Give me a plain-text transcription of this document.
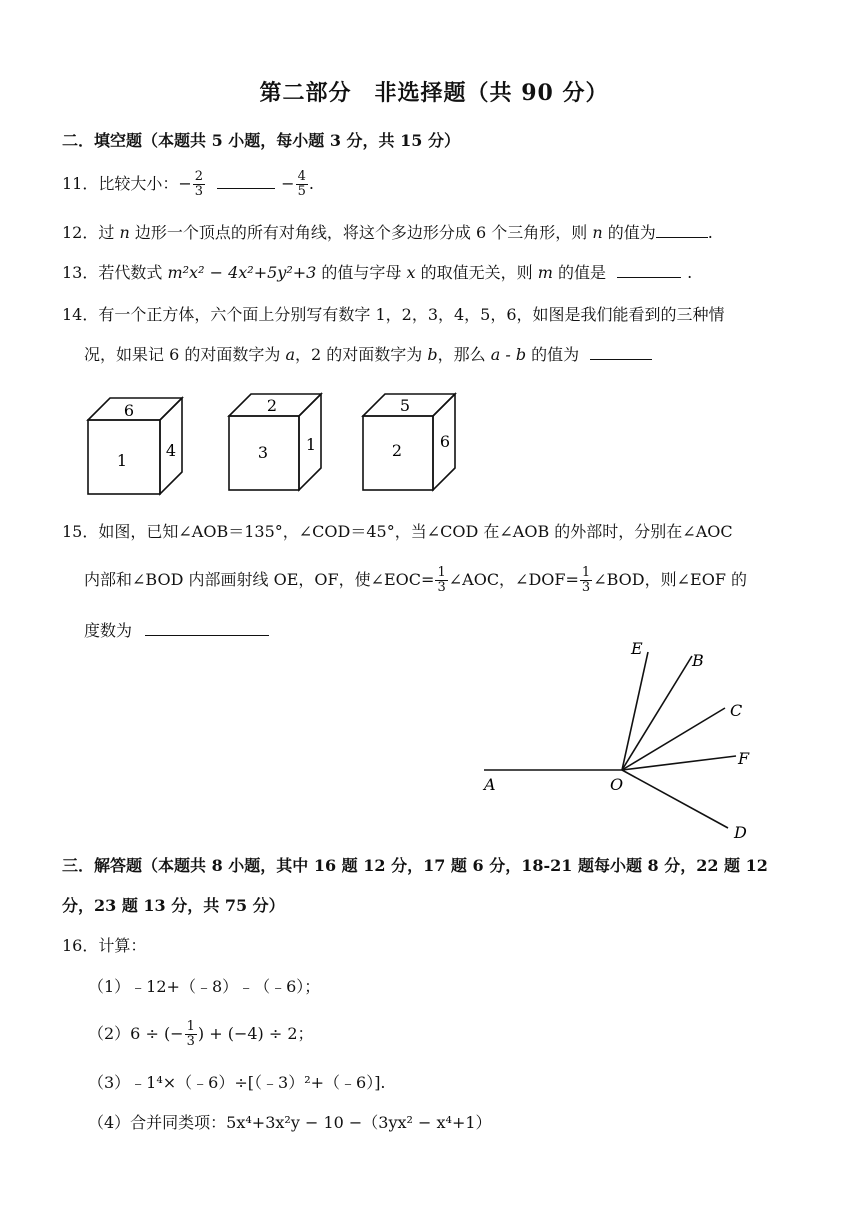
第二部分　非选择题（共 90 分）
二．填空题（本题共 5 小题，每小题 3 分，共 15 分）
11．比较大小：− $\frac{2}{3}$	− $\frac{4}{5}$ .
12．过 n 边形一个顶点的所有对角线，将这个多边形分成 6 个三角形，则 n 的值为	.
13．若代数式 m²x² − 4x²+5y²+3 的值与字母 x 的取值无关，则 m 的值是	.
14．有一个正方体，六个面上分别写有数字 1，2，3，4，5，6，如图是我们能看到的三种情
况，如果记 6 的对面数字为 a，2 的对面数字为 b，那么 a - b 的值为
6
1
4
2
3 1
5
2 6
15．如图，已知∠AOB＝135°，∠COD＝45°，当∠COD 在∠AOB 的外部时，分别在∠AOC
内部和∠BOD 内部画射线 OE，OF，使∠EOC= $\frac{1}{3}$ ∠AOC，∠DOF= $\frac{1}{3}$ ∠BOD，则∠EOF 的
度数为
E
B
C
F
A	O
D
三．解答题（本题共 8 小题，其中 16 题 12 分，17 题 6 分，18-21 题每小题 8 分，22 题 12
分，23 题 13 分，共 75 分）
16．计算：
（1）﹣12+（﹣8）﹣（﹣6）；
（2）6 ÷ (− $\frac{1}{3}$ ) + (−4) ÷ 2；
（3）﹣1⁴×（﹣6）÷[（﹣3）²+（﹣6）].
（4）合并同类项：5x⁴+3x²y − 10 −（3yx² − x⁴+1）
